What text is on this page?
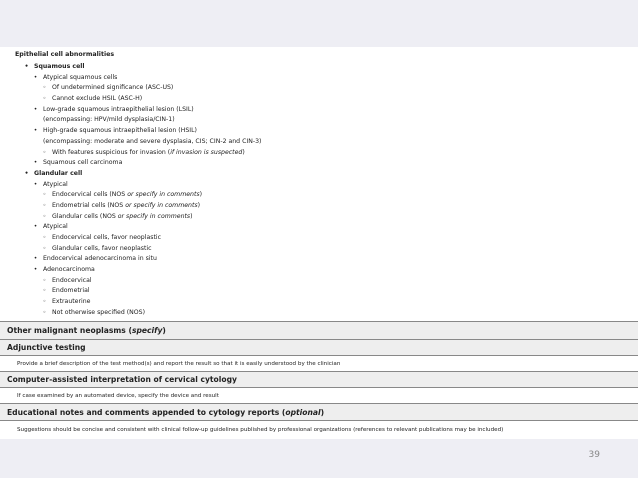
Epithelial cell abnormalities
• Squamous cell
• Atypical squamous cells
◦ Of undetermined significance (ASC-US)
◦ Cannot exclude HSIL (ASC-H)
• Low-grade squamous intraepithelial lesion (LSIL)
(encompassing: HPV/mild dysplasia/CIN-1)
• High-grade squamous intraepithelial lesion (HSIL)
(encompassing: moderate and severe dysplasia, CIS; CIN-2 and CIN-3)
◦ With features suspicious for invasion (if invasion is suspected)
• Squamous cell carcinoma
• Glandular cell
• Atypical
◦ Endocervical cells (NOS or specify in comments)
◦ Endometrial cells (NOS or specify in comments)
◦ Glandular cells (NOS or specify in comments)
• Atypical
◦ Endocervical cells, favor neoplastic
◦ Glandular cells, favor neoplastic
• Endocervical adenocarcinoma in situ
• Adenocarcinoma
◦ Endocervical
◦ Endometrial
◦ Extrauterine
◦ Not otherwise specified (NOS)
Other malignant neoplasms ( specify )
Adjunctive testing
Provide a brief description of the test method(s) and report the result so that it is easily understood by the clinician
Computer-assisted interpretation of cervical cytology
If case examined by an automated device, specify the device and result
Educational notes and comments appended to cytology reports ( optional )
Suggestions should be concise and consistent with clinical follow-up guidelines published by professional organizations (references to relevant publications may be included)
39
